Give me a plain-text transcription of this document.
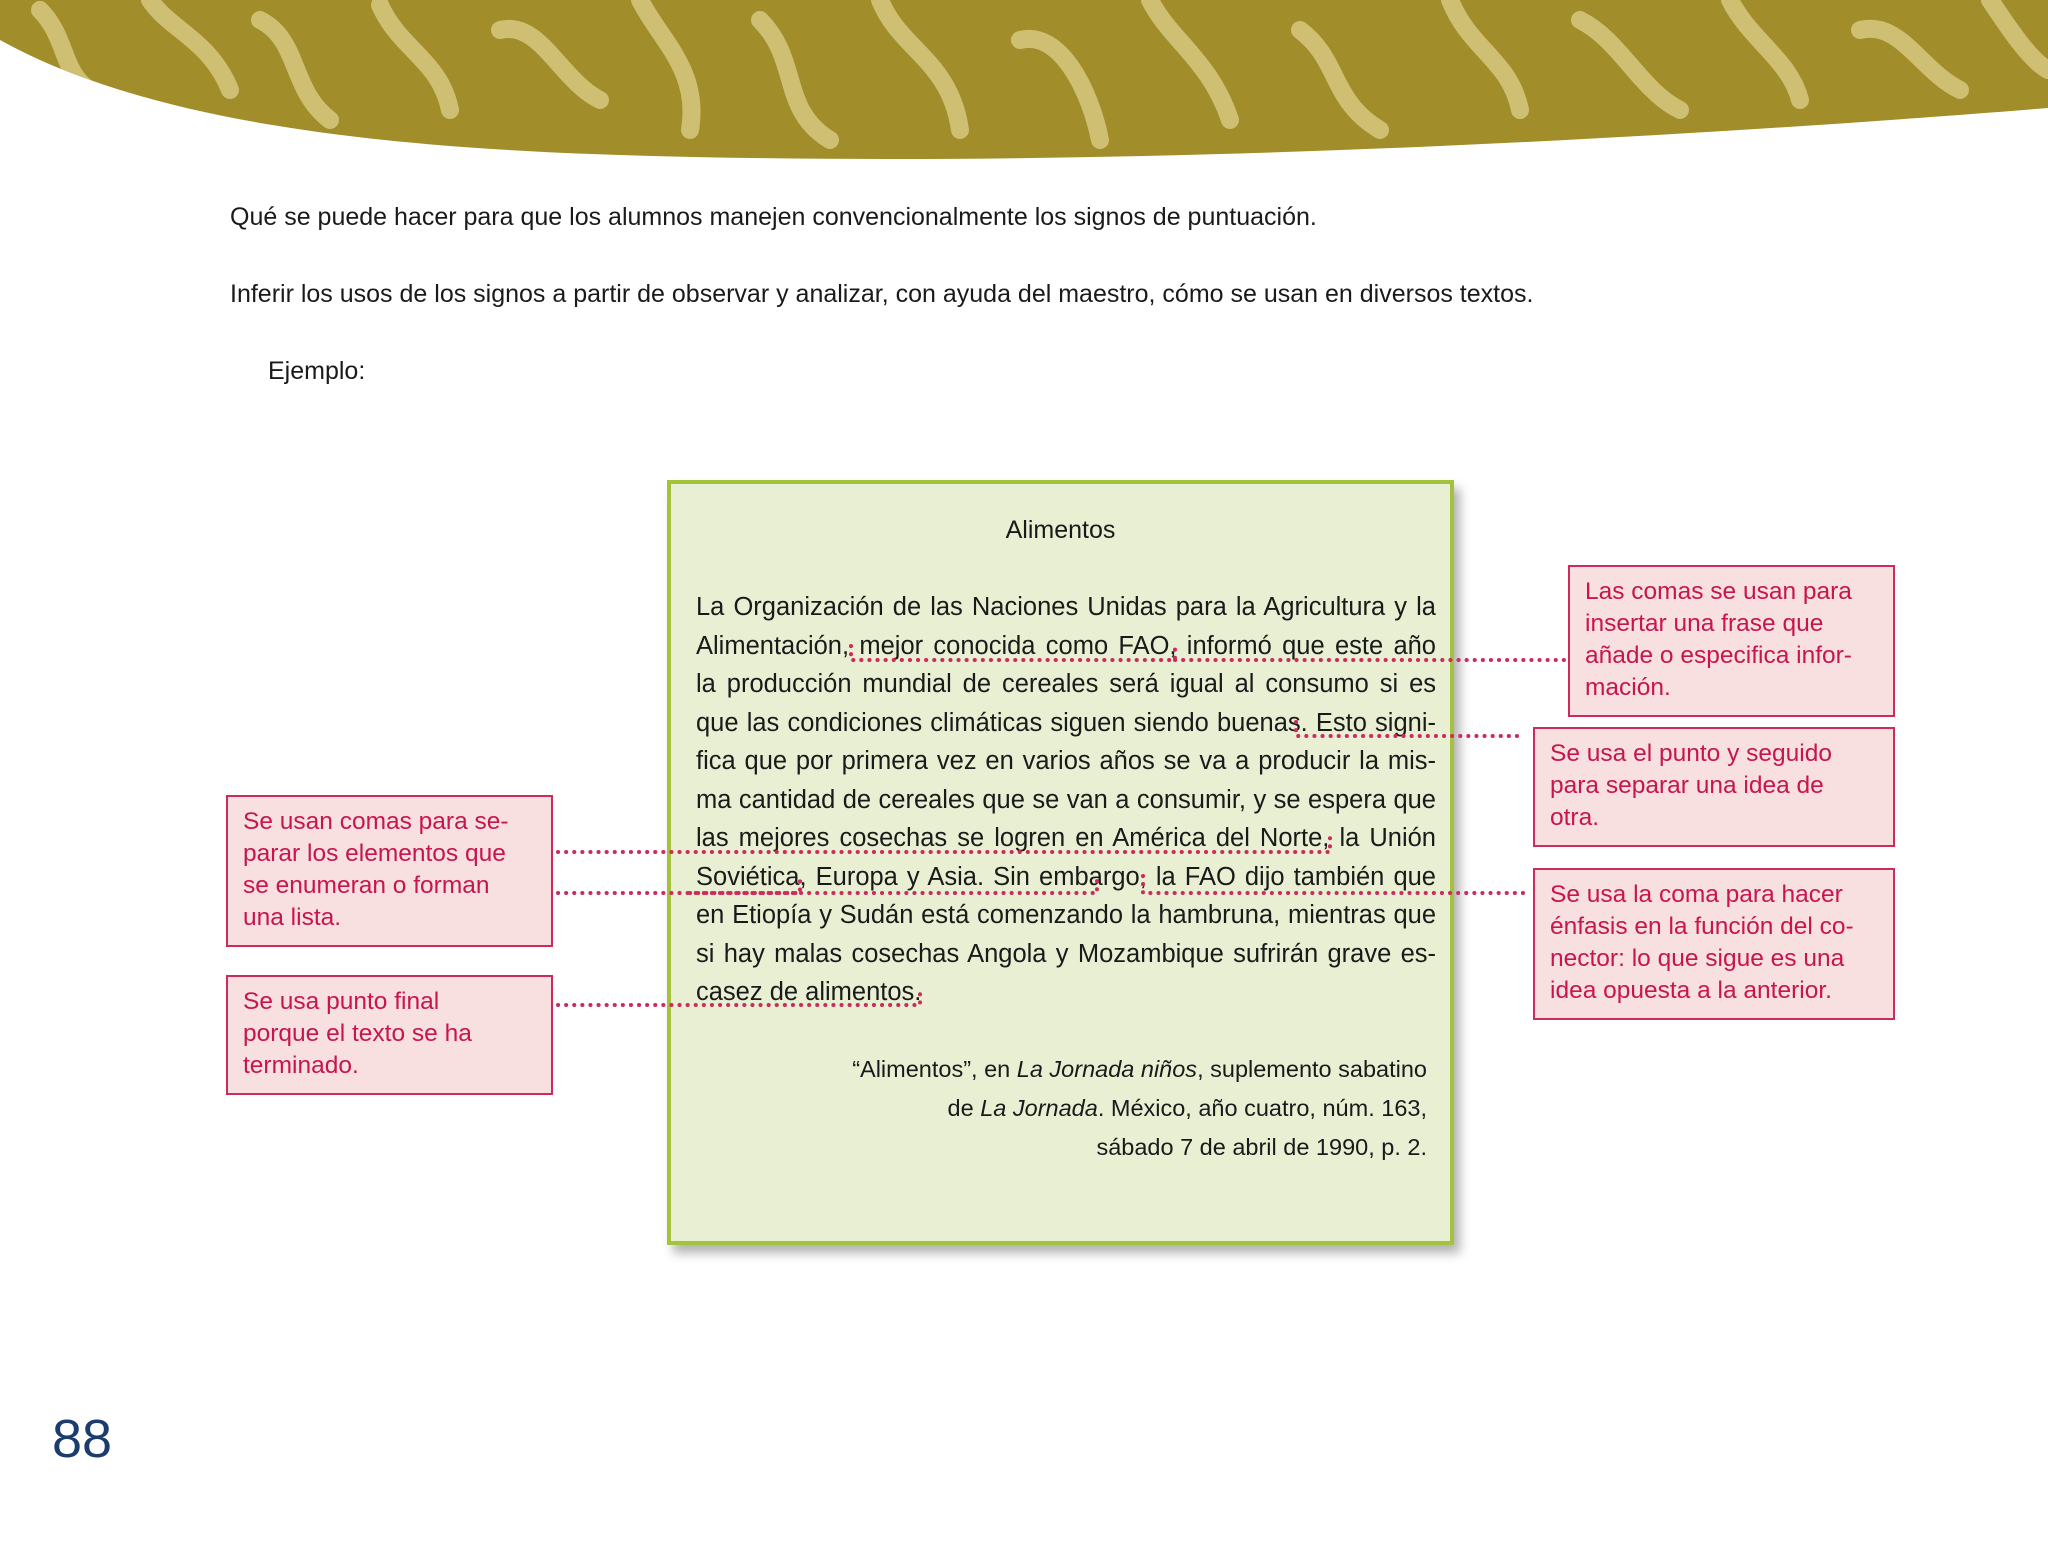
Qué se puede hacer para que los alumnos manejen convencionalmente los signos de puntuación.
Inferir los usos de los signos a partir de observar y analizar, con ayuda del maestro, cómo se usan en diversos textos.
Ejemplo:
Alimentos
La Organización de las Naciones Unidas para la Agricultura y la
Alimentación, mejor conocida como FAO, informó que este año
la producción mundial de cereales será igual al consumo si es
que las condiciones climáticas siguen siendo buenas. Esto signi-
fica que por primera vez en varios años se va a producir la mis-
ma cantidad de cereales que se van a consumir, y se espera que
las mejores cosechas se logren en América del Norte, la Unión
Soviética, Europa y Asia. Sin embargo, la FAO dijo también que
en Etiopía y Sudán está comenzando la hambruna, mientras que
si hay malas cosechas Angola y Mozambique sufrirán grave es-
casez de alimentos.
“Alimentos”, en La Jornada niños, suplemento sabatino
de La Jornada. México, año cuatro, núm. 163,
sábado 7 de abril de 1990, p. 2.
Las comas se usan para
insertar una frase que
añade o especifica infor-
mación.
Se usa el punto y seguido
para separar una idea de
otra.
Se usa la coma para hacer
énfasis en la función del co-
nector: lo que sigue es una
idea opuesta a la anterior.
Se usan comas para se-
parar los elementos que
se enumeran o forman
una lista.
Se usa punto final
porque el texto se ha
terminado.
88
